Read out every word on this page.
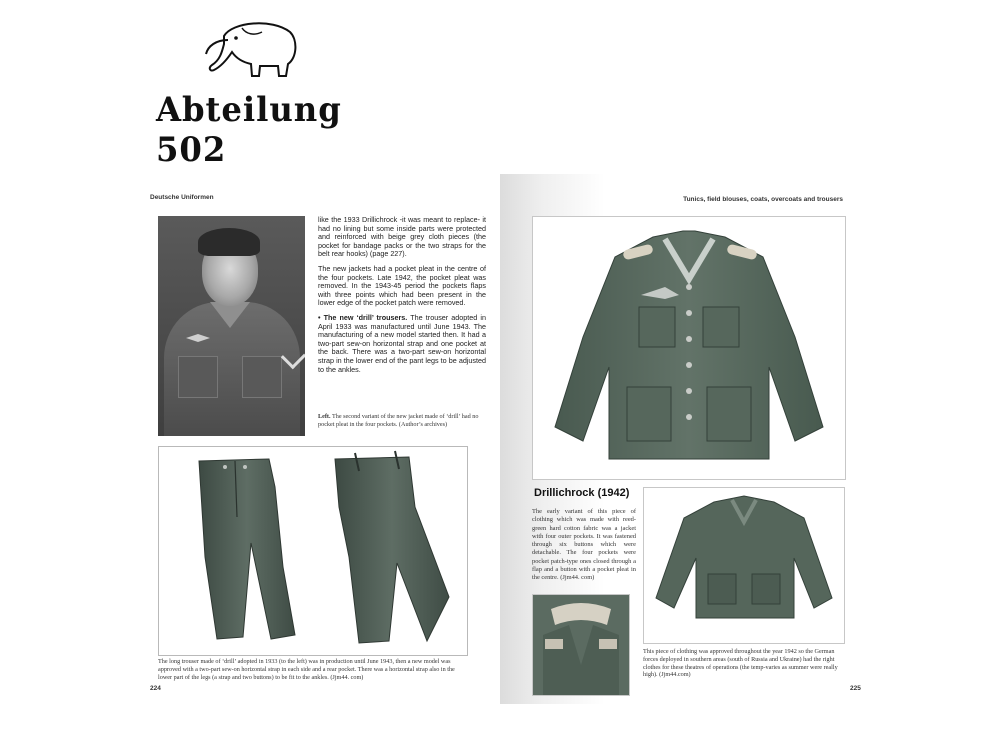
Abteilung 502
Deutsche Uniformen	Tunics, field blouses, coats, overcoats and trousers

like the 1933 Drillichrock -it was meant to replace- it had no lining but some inside parts were protected and reinforced with beige grey cloth pieces (the pocket for bandage packs or the two straps for the belt rear hooks) (page 227).

The new jackets had a pocket pleat in the centre of the four pockets. Late 1942, the pocket pleat was removed. In the 1943-45 period the pockets flaps with three points which had been present in the lower edge of the pocket patch were removed.

• The new ‘drill’ trousers. The trouser adopted in April 1933 was manufactured until June 1943. The manufacturing of a new model started then. It had a two-part sew-on horizontal strap and one pocket at the back. There was a two-part sew-on horizontal strap in the lower end of the pant legs to be adjusted to the ankles.

Left. The second variant of the new jacket made of ‘drill’ had no pocket pleat in the four pockets. (Author’s archives)
The long trouser made of ‘drill’ adopted in 1933 (to the left) was in production until June 1943, then a new model was approved with a two-part sew-on horizontal strap in each side and a rear pocket. There was a horizontal strap also in the lower part of the legs (a strap and two buttons) to be fit to the ankles. (Jjm44. com)
Drillichrock (1942)
The early variant of this piece of clothing which was made with reed-green hard cotton fabric was a jacket with four outer pockets. It was fastened through six buttons which were detachable. The four pockets were pocket patch-type ones closed through a flap and a button with a pocket pleat in the centre. (Jjm44. com)
This piece of clothing was approved throughout the year 1942 so the German forces deployed in southern areas (south of Russia and Ukraine) had the right clothes for these theatres of operations (the temp-varies as summer were really high). (Jjm44.com)
224	225
